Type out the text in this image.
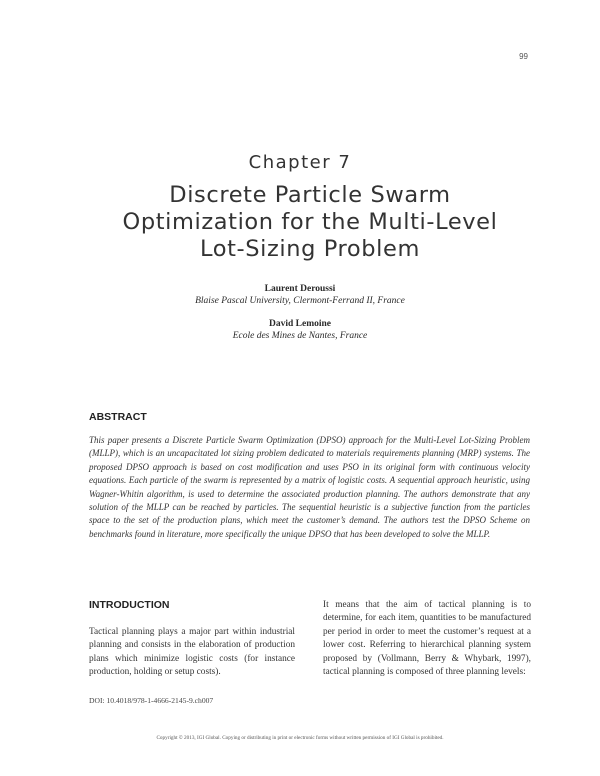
99
Chapter 7
Discrete Particle Swarm Optimization for the Multi-Level Lot-Sizing Problem
Laurent Deroussi
Blaise Pascal University, Clermont-Ferrand II, France
David Lemoine
Ecole des Mines de Nantes, France
ABSTRACT

This paper presents a Discrete Particle Swarm Optimization (DPSO) approach for the Multi-Level Lot-Sizing Problem (MLLP), which is an uncapacitated lot sizing problem dedicated to materials requirements planning (MRP) systems. The proposed DPSO approach is based on cost modification and uses PSO in its original form with continuous velocity equations. Each particle of the swarm is represented by a matrix of logistic costs. A sequential approach heuristic, using Wagner-Whitin algorithm, is used to determine the associated production planning. The authors demonstrate that any solution of the MLLP can be reached by particles. The sequential heuristic is a subjective function from the particles space to the set of the production plans, which meet the customer’s demand. The authors test the DPSO Scheme on benchmarks found in literature, more specifically the unique DPSO that has been developed to solve the MLLP.

INTRODUCTION

Tactical planning plays a major part within industrial planning and consists in the elaboration of production plans which minimize logistic costs (for instance production, holding or setup costs).

It means that the aim of tactical planning is to determine, for each item, quantities to be manufactured per period in order to meet the customer’s request at a lower cost. Referring to hierarchical planning system proposed by (Vollmann, Berry & Whybark, 1997), tactical planning is composed of three planning levels:

DOI: 10.4018/978-1-4666-2145-9.ch007
Copyright © 2013, IGI Global. Copying or distributing in print or electronic forms without written permission of IGI Global is prohibited.
